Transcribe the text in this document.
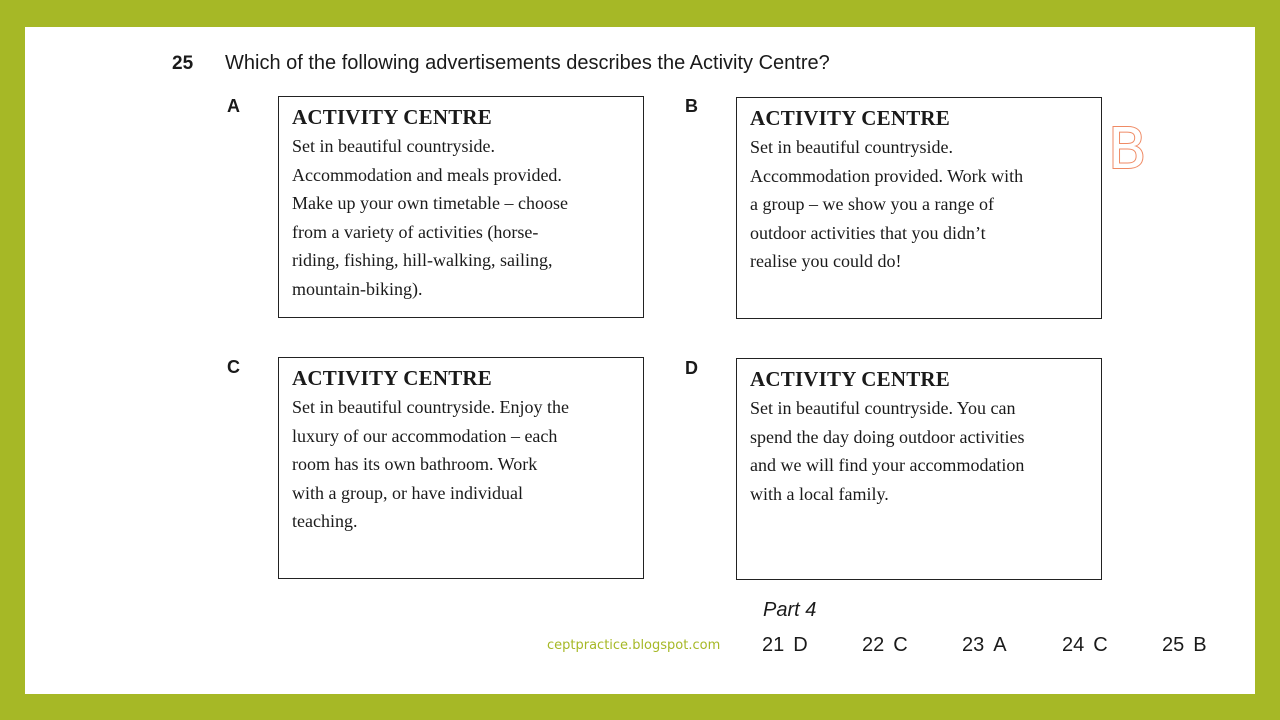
25 Which of the following advertisements describes the Activity Centre?
A ACTIVITY CENTRE
Set in beautiful countryside.
Accommodation and meals provided.
Make up your own timetable – choose
from a variety of activities (horse-
riding, fishing, hill-walking, sailing,
mountain-biking).
B ACTIVITY CENTRE
Set in beautiful countryside.
Accommodation provided. Work with
a group – we show you a range of
outdoor activities that you didn’t
realise you could do!
C ACTIVITY CENTRE
Set in beautiful countryside. Enjoy the
luxury of our accommodation – each
room has its own bathroom. Work
with a group, or have individual
teaching.
D ACTIVITY CENTRE
Set in beautiful countryside. You can
spend the day doing outdoor activities
and we will find your accommodation
with a local family.
B
Part 4
ceptpractice.blogspot.com 21 D	22 C	23 A	24 C	25 B
